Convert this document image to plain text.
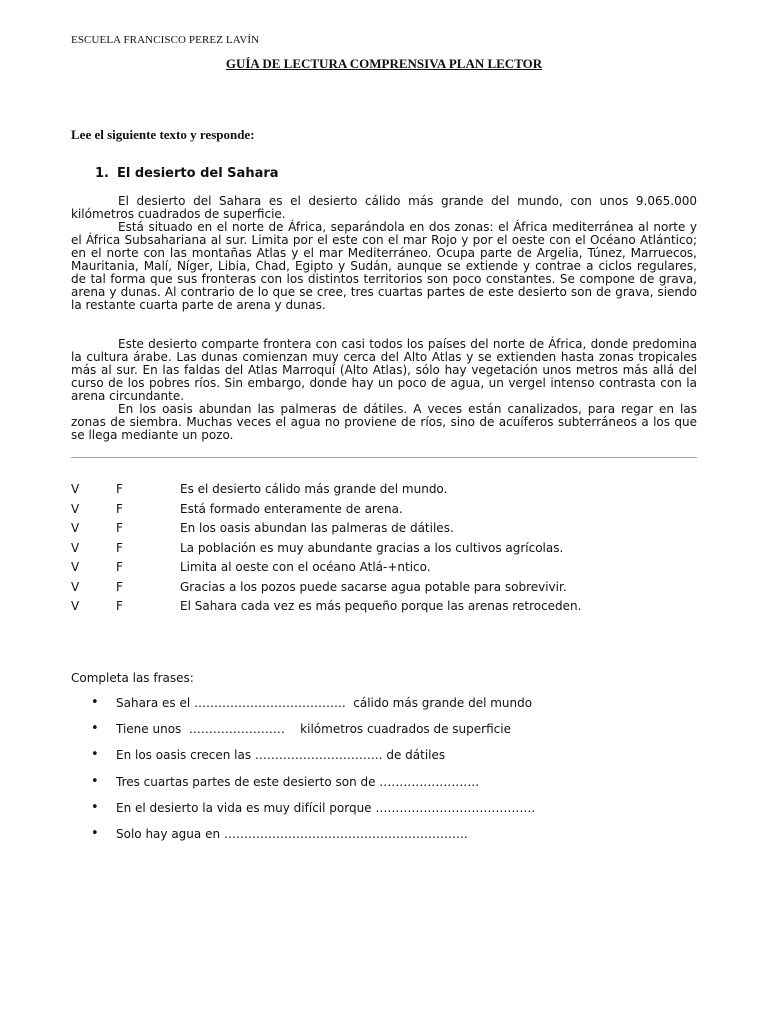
ESCUELA FRANCISCO PEREZ LAVÍN
GUÍA DE LECTURA COMPRENSIVA PLAN LECTOR
Lee el siguiente texto y responde:
1. El desierto del Sahara

El desierto del Sahara es el desierto cálido más grande del mundo, con unos 9.065.000 kilómetros cuadrados de superficie.

Está situado en el norte de África, separándola en dos zonas: el África mediterránea al norte y el África Subsahariana al sur. Limita por el este con el mar Rojo y por el oeste con el Océano Atlántico; en el norte con las montañas Atlas y el mar Mediterráneo. Ocupa parte de Argelia, Túnez, Marruecos, Mauritania, Malí, Níger, Libia, Chad, Egipto y Sudán, aunque se extiende y contrae a ciclos regulares, de tal forma que sus fronteras con los distintos territorios son poco constantes. Se compone de grava, arena y dunas. Al contrario de lo que se cree, tres cuartas partes de este desierto son de grava, siendo la restante cuarta parte de arena y dunas.

Este desierto comparte frontera con casi todos los países del norte de África, donde predomina la cultura árabe. Las dunas comienzan muy cerca del Alto Atlas y se extienden hasta zonas tropicales más al sur. En las faldas del Atlas Marroquí (Alto Atlas), sólo hay vegetación unos metros más allá del curso de los pobres ríos. Sin embargo, donde hay un poco de agua, un vergel intenso contrasta con la arena circundante.

En los oasis abundan las palmeras de dátiles. A veces están canalizados, para regar en las zonas de siembra. Muchas veces el agua no proviene de ríos, sino de acuíferos subterráneos a los que se llega mediante un pozo.

V	F	Es el desierto cálido más grande del mundo.
V	F	Está formado enteramente de arena.
V	F	En los oasis abundan las palmeras de dátiles.
V	F	La población es muy abundante gracias a los cultivos agrícolas.
V	F	Limita al oeste con el océano Atlá-+ntico.
V	F	Gracias a los pozos puede sacarse agua potable para sobrevivir.
V	F	El Sahara cada vez es más pequeño porque las arenas retroceden.
Completa las frases:
• Sahara es el ………………………………..  cálido más grande del mundo
• Tiene unos  ……………………    kilómetros cuadrados de superficie
• En los oasis crecen las ………………………….. de dátiles
• Tres cuartas partes de este desierto son de …………………….
• En el desierto la vida es muy difícil porque ………………………………….
• Solo hay agua en …………………………………………………….
